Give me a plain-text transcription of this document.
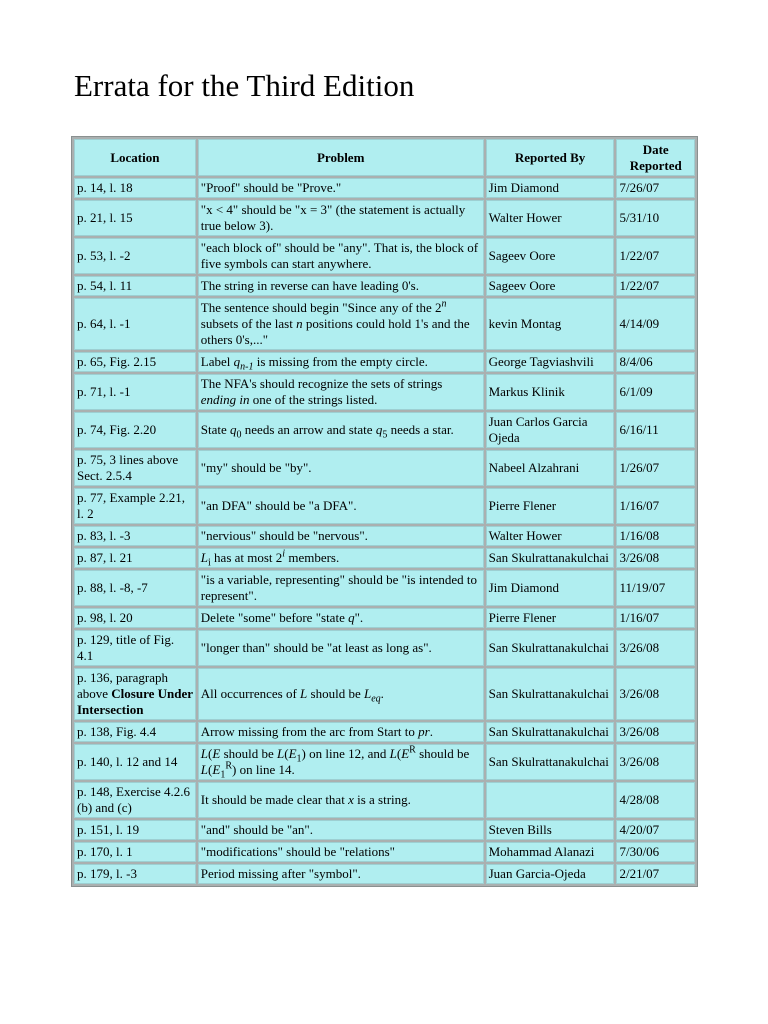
Errata for the Third Edition
Location	Problem	Reported By	Date
Reported
p. 14, l. 18	"Proof" should be "Prove."	Jim Diamond	7/26/07
p. 21, l. 15	"x < 4" should be "x = 3" (the statement is actually true below 3).	Walter Hower	5/31/10
p. 53, l. -2	"each block of" should be "any". That is, the block of five symbols can start anywhere.	Sageev Oore	1/22/07
p. 54, l. 11	The string in reverse can have leading 0's.	Sageev Oore	1/22/07
p. 64, l. -1	The sentence should begin "Since any of the 2$^n$ subsets of the last n positions could hold 1's and the others 0's,..."	kevin Montag	4/14/09
p. 65, Fig. 2.15	Label $q_{n-1}$ is missing from the empty circle.	George Tagviashvili	8/4/06
p. 71, l. -1	The NFA's should recognize the sets of strings ending in one of the strings listed.	Markus Klinik	6/1/09
p. 74, Fig. 2.20	State $q_0$ needs an arrow and state $q_5$ needs a star.	Juan Carlos Garcia Ojeda	6/16/11
p. 75, 3 lines above Sect. 2.5.4	"my" should be "by".	Nabeel Alzahrani	1/26/07
p. 77, Example 2.21, l. 2	"an DFA" should be "a DFA".	Pierre Flener	1/16/07
p. 83, l. -3	"nervious" should be "nervous".	Walter Hower	1/16/08
p. 87, l. 21	$L_i$ has at most 2$^i$ members.	San Skulrattanakulchai	3/26/08
p. 88, l. -8, -7	"is a variable, representing" should be "is intended to represent".	Jim Diamond	11/19/07
p. 98, l. 20	Delete "some" before "state q".	Pierre Flener	1/16/07
p. 129, title of Fig. 4.1	"longer than" should be "at least as long as".	San Skulrattanakulchai	3/26/08
p. 136, paragraph above Closure Under Intersection	All occurrences of L should be $L_{eq}$.	San Skulrattanakulchai	3/26/08
p. 138, Fig. 4.4	Arrow missing from the arc from Start to pr.	San Skulrattanakulchai	3/26/08
p. 140, l. 12 and 14	L(E should be $L(E_1)$ on line 12, and $L(E^R$ should be $L(E_1^R)$ on line 14.	San Skulrattanakulchai	3/26/08
p. 148, Exercise 4.2.6 (b) and (c)	It should be made clear that x is a string.		4/28/08
p. 151, l. 19	"and" should be "an".	Steven Bills	4/20/07
p. 170, l. 1	"modifications" should be "relations"	Mohammad Alanazi	7/30/06
p. 179, l. -3	Period missing after "symbol".	Juan Garcia-Ojeda	2/21/07
